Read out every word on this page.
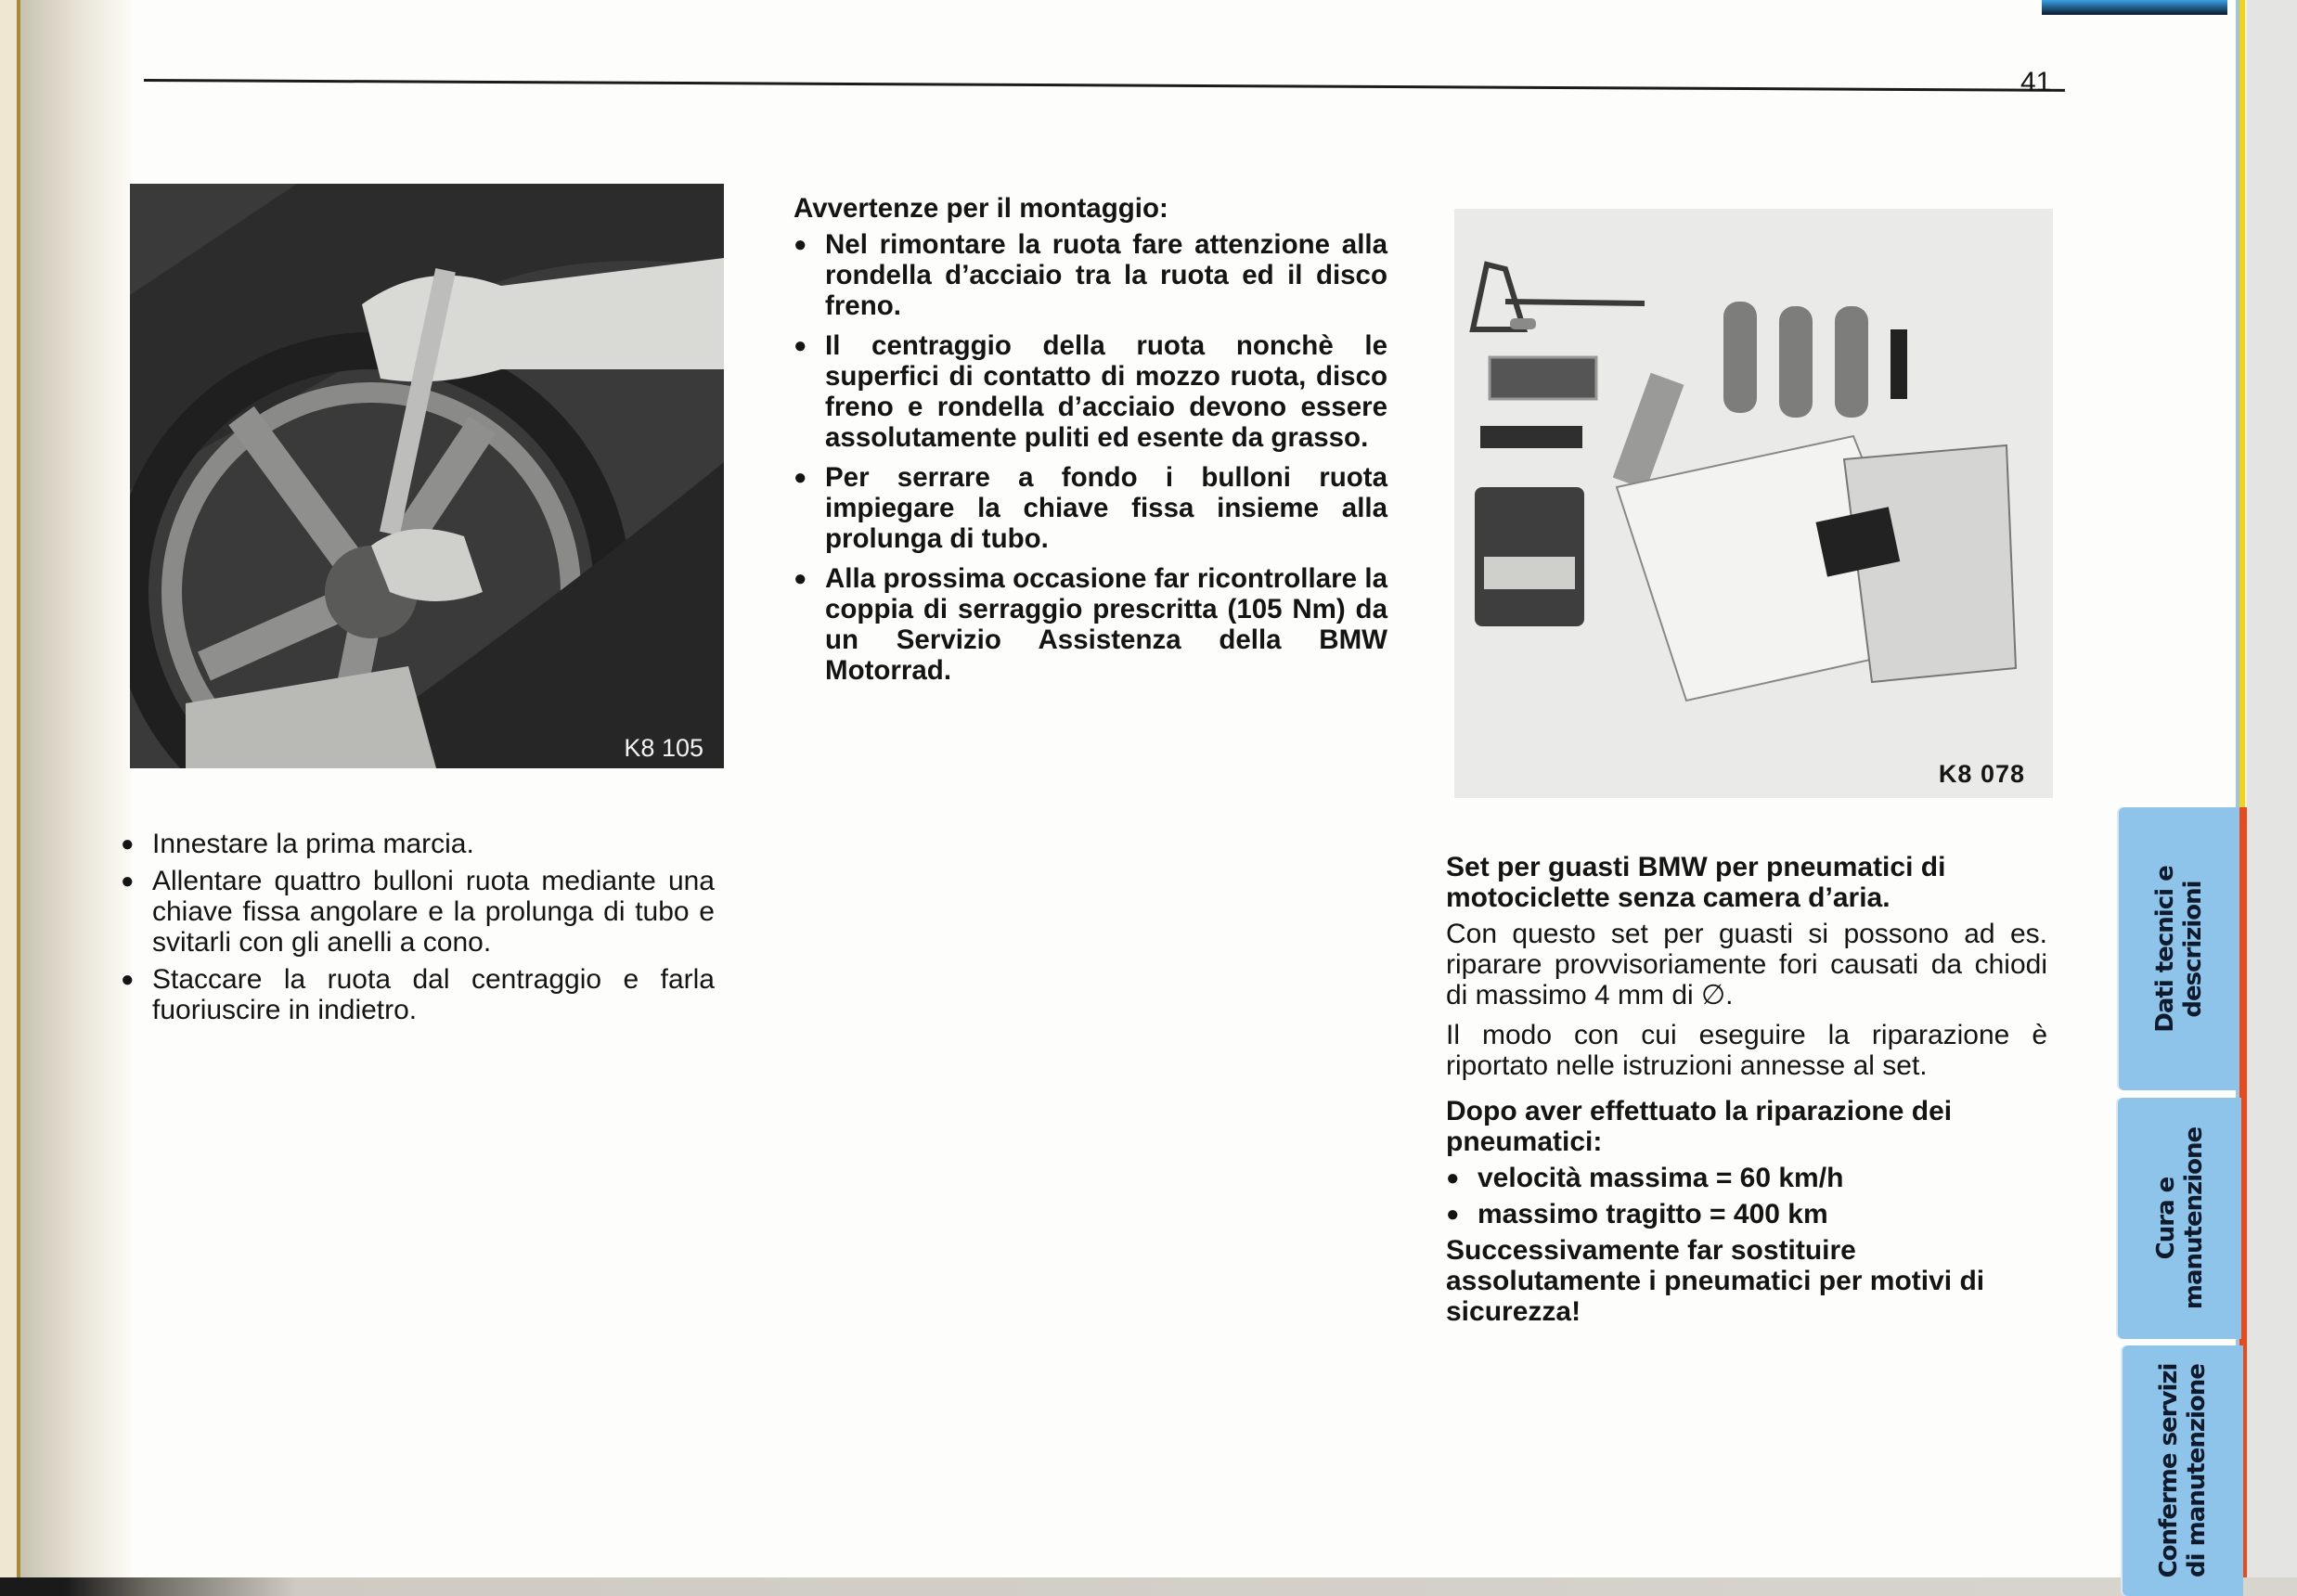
41
K8 105
K8 078
● Innestare la prima marcia.
● Allentare quattro bulloni ruota mediante una chiave fissa angolare e la prolunga di tubo e svitarli con gli anelli a cono.
● Staccare la ruota dal centraggio e farla fuoriuscire in indietro.
Avvertenze per il montaggio:
● Nel rimontare la ruota fare attenzione alla rondella d’acciaio tra la ruota ed il disco freno.
● Il centraggio della ruota nonchè le superfici di contatto di mozzo ruota, disco freno e rondella d’acciaio devono essere assolutamente puliti ed esente da grasso.
● Per serrare a fondo i bulloni ruota impiegare la chiave fissa insieme alla prolunga di tubo.
● Alla prossima occasione far ricontrollare la coppia di serraggio prescritta (105 Nm) da un Servizio Assistenza della BMW Motorrad.
Set per guasti BMW per pneumatici di motociclette senza camera d’aria.

Con questo set per guasti si possono ad es. riparare provvisoriamente fori causati da chiodi di massimo 4 mm di ∅.

Il modo con cui eseguire la riparazione è riportato nelle istruzioni annesse al set.

Dopo aver effettuato la riparazione dei pneumatici:
● velocità massima = 60 km/h
● massimo tragitto = 400 km
Successivamente far sostituire assolutamente i pneumatici per motivi di sicurezza!
Dati tecnici e descrizioni
Cura e manutenzione
Conferme servizi di manutenzione
